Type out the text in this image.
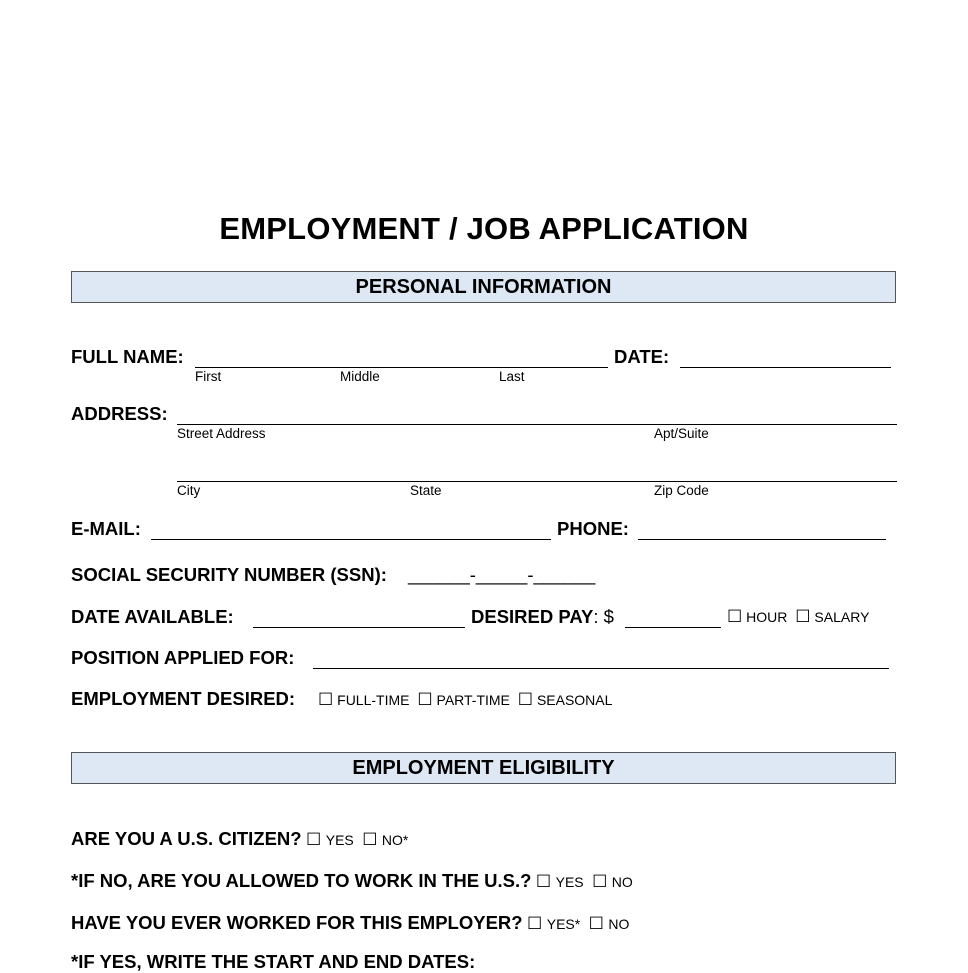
EMPLOYMENT / JOB APPLICATION
PERSONAL INFORMATION
FULL NAME:
First	Middle	Last
DATE:
ADDRESS:
Street Address	Apt/Suite
City	State	Zip Code
E-MAIL:	PHONE:
SOCIAL SECURITY NUMBER (SSN): ______-_____-______
DATE AVAILABLE:	DESIRED PAY: $	☐ HOUR ☐ SALARY
POSITION APPLIED FOR:
EMPLOYMENT DESIRED: ☐ FULL-TIME ☐ PART-TIME ☐ SEASONAL
EMPLOYMENT ELIGIBILITY
ARE YOU A U.S. CITIZEN? ☐ YES ☐ NO*
*IF NO, ARE YOU ALLOWED TO WORK IN THE U.S.? ☐ YES ☐ NO
HAVE YOU EVER WORKED FOR THIS EMPLOYER? ☐ YES* ☐ NO
*IF YES, WRITE THE START AND END DATES:
